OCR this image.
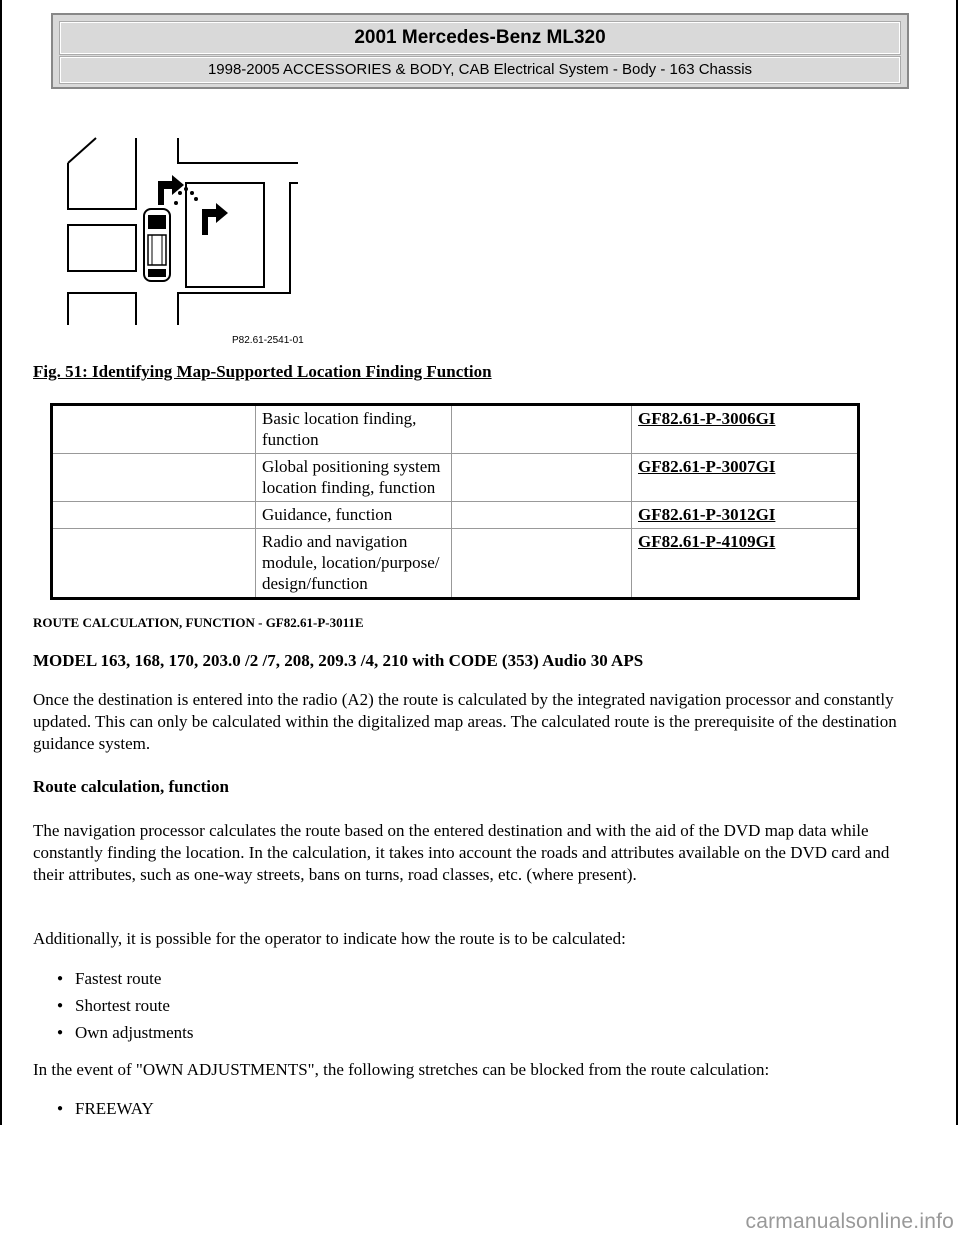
2001 Mercedes-Benz ML320
1998-2005 ACCESSORIES & BODY, CAB Electrical System - Body - 163 Chassis
P82.61-2541-01
Fig. 51: Identifying Map-Supported Location Finding Function
	Basic location finding, function		GF82.61-P-3006GI
	Global positioning system location finding, function		GF82.61-P-3007GI
	Guidance, function		GF82.61-P-3012GI
	Radio and navigation module, location/purpose/ design/function		GF82.61-P-4109GI
ROUTE CALCULATION, FUNCTION - GF82.61-P-3011E
MODEL 163, 168, 170, 203.0 /2 /7, 208, 209.3 /4, 210 with CODE (353) Audio 30 APS
Once the destination is entered into the radio (A2) the route is calculated by the integrated navigation processor and constantly updated. This can only be calculated within the digitalized map areas. The calculated route is the prerequisite of the destination guidance system.
Route calculation, function
The navigation processor calculates the route based on the entered destination and with the aid of the DVD map data while constantly finding the location. In the calculation, it takes into account the roads and attributes available on the DVD card and their attributes, such as one-way streets, bans on turns, road classes, etc. (where present).
Additionally, it is possible for the operator to indicate how the route is to be calculated:
● Fastest route
● Shortest route
● Own adjustments
In the event of "OWN ADJUSTMENTS", the following stretches can be blocked from the route calculation:
● FREEWAY
carmanualsonline.info
